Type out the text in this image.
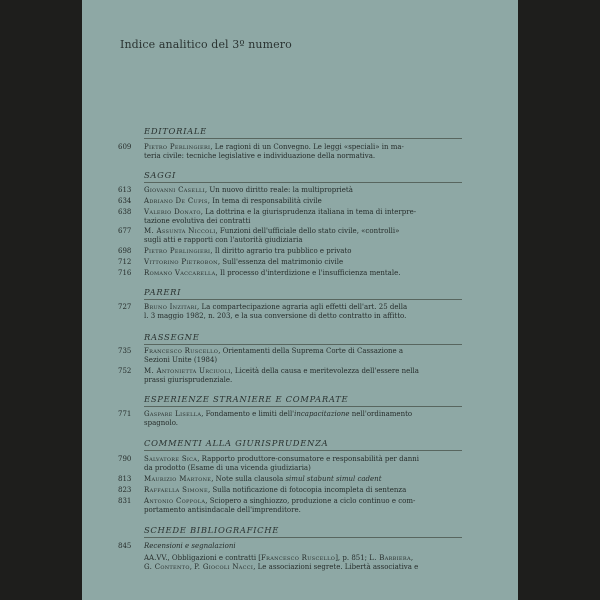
Indice analitico del 3º numero
EDITORIALE
609	Pietro Perlingieri, Le ragioni di un Convegno. Le leggi «speciali» in ma-
teria civile: tecniche legislative e individuazione della normativa.
SAGGI
613	Giovanni Caselli, Un nuovo diritto reale: la multiproprietà
634	Adriano De Cupis, In tema di responsabilità civile
638	Valerio Donato, La dottrina e la giurisprudenza italiana in tema di interpre-
tazione evolutiva dei contratti
677	M. Assunta Niccoli, Funzioni dell'ufficiale dello stato civile, «controlli»
sugli atti e rapporti con l'autorità giudiziaria
698	Pietro Perlingieri, Il diritto agrario tra pubblico e privato
712	Vittorino Pietrobon, Sull'essenza del matrimonio civile
716	Romano Vaccarella, Il processo d'interdizione e l'insufficienza mentale.
PARERI
727	Bruno Inzitari, La compartecipazione agraria agli effetti dell'art. 25 della
l. 3 maggio 1982, n. 203, e la sua conversione di detto contratto in affitto.
RASSEGNE
735	Francesco Ruscello, Orientamenti della Suprema Corte di Cassazione a
Sezioni Unite (1984)
752	M. Antonietta Urciuoli, Liceità della causa e meritevolezza dell'essere nella
prassi giurisprudenziale.
ESPERIENZE STRANIERE E COMPARATE
771	Gaspare Lisella, Fondamento e limiti dell'incapacitazione nell'ordinamento
spagnolo.
COMMENTI ALLA GIURISPRUDENZA
790	Salvatore Sica, Rapporto produttore-consumatore e responsabilità per danni
da prodotto (Esame di una vicenda giudiziaria)
813	Maurizio Martone, Note sulla clausola simul stabunt simul cadent
823	Raffaella Simone, Sulla notificazione di fotocopia incompleta di sentenza
831	Antonio Coppola, Sciopero a singhiozzo, produzione a ciclo continuo e com-
portamento antisindacale dell'imprenditore.
SCHEDE BIBLIOGRAFICHE
845	Recensioni e segnalazioni
AA.VV., Obbligazioni e contratti [Francesco Ruscello], p. 851; L. Barbiera,
G. Contento, P. Giocoli Nacci, Le associazioni segrete. Libertà associativa e
